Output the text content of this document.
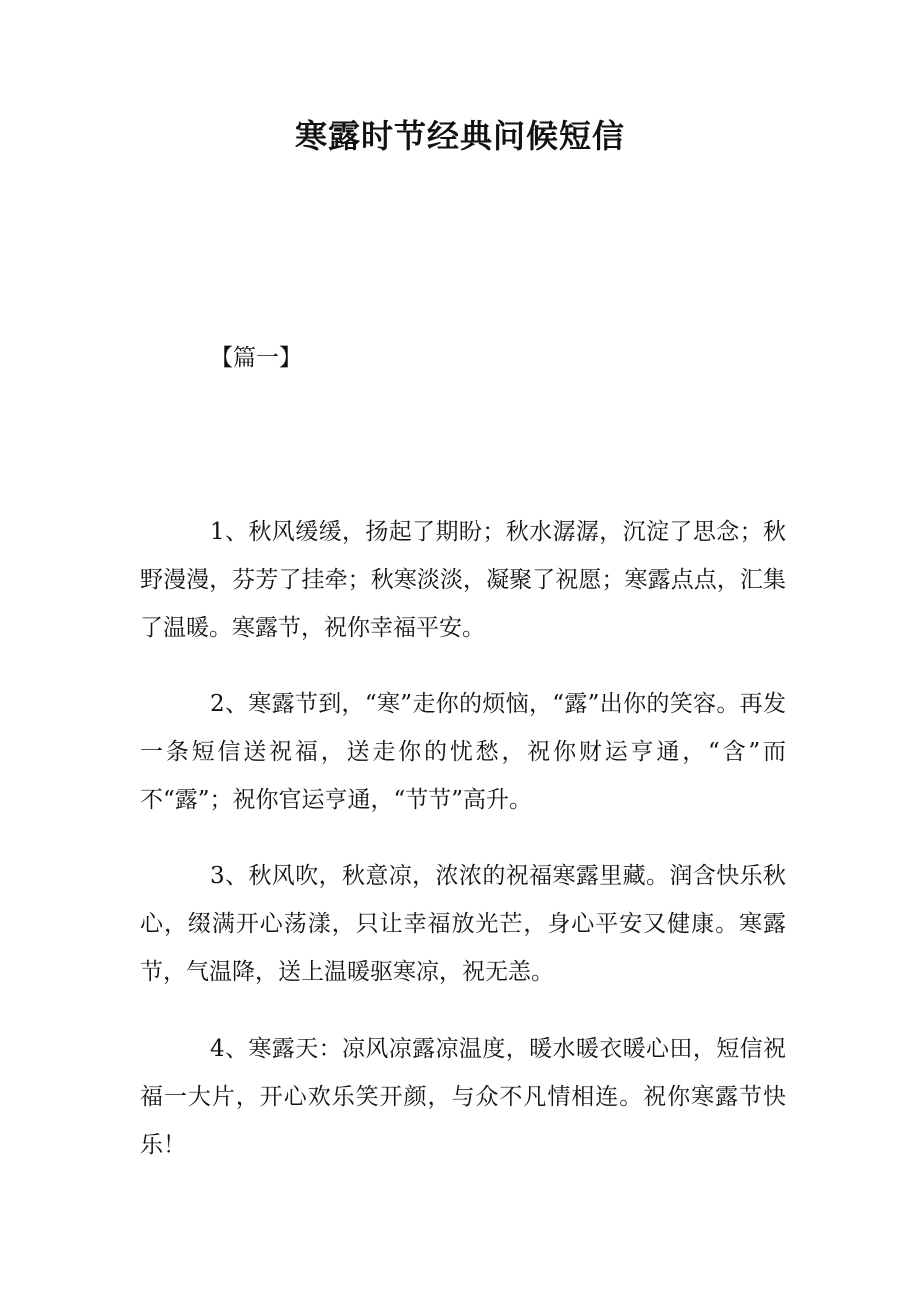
寒露时节经典问候短信

【篇一】

1、秋风缓缓，扬起了期盼；秋水潺潺，沉淀了思念；秋野漫漫，芬芳了挂牵；秋寒淡淡，凝聚了祝愿；寒露点点，汇集了温暖。寒露节，祝你幸福平安。

2、寒露节到，“寒”走你的烦恼，“露”出你的笑容。再发一条短信送祝福，送走你的忧愁，祝你财运亨通，“含”而不“露”；祝你官运亨通，“节节”高升。

3、秋风吹，秋意凉，浓浓的祝福寒露里藏。润含快乐秋心，缀满开心荡漾，只让幸福放光芒，身心平安又健康。寒露节，气温降，送上温暖驱寒凉，祝无恙。

4、寒露天：凉风凉露凉温度，暖水暖衣暖心田，短信祝福一大片，开心欢乐笑开颜，与众不凡情相连。祝你寒露节快乐！
